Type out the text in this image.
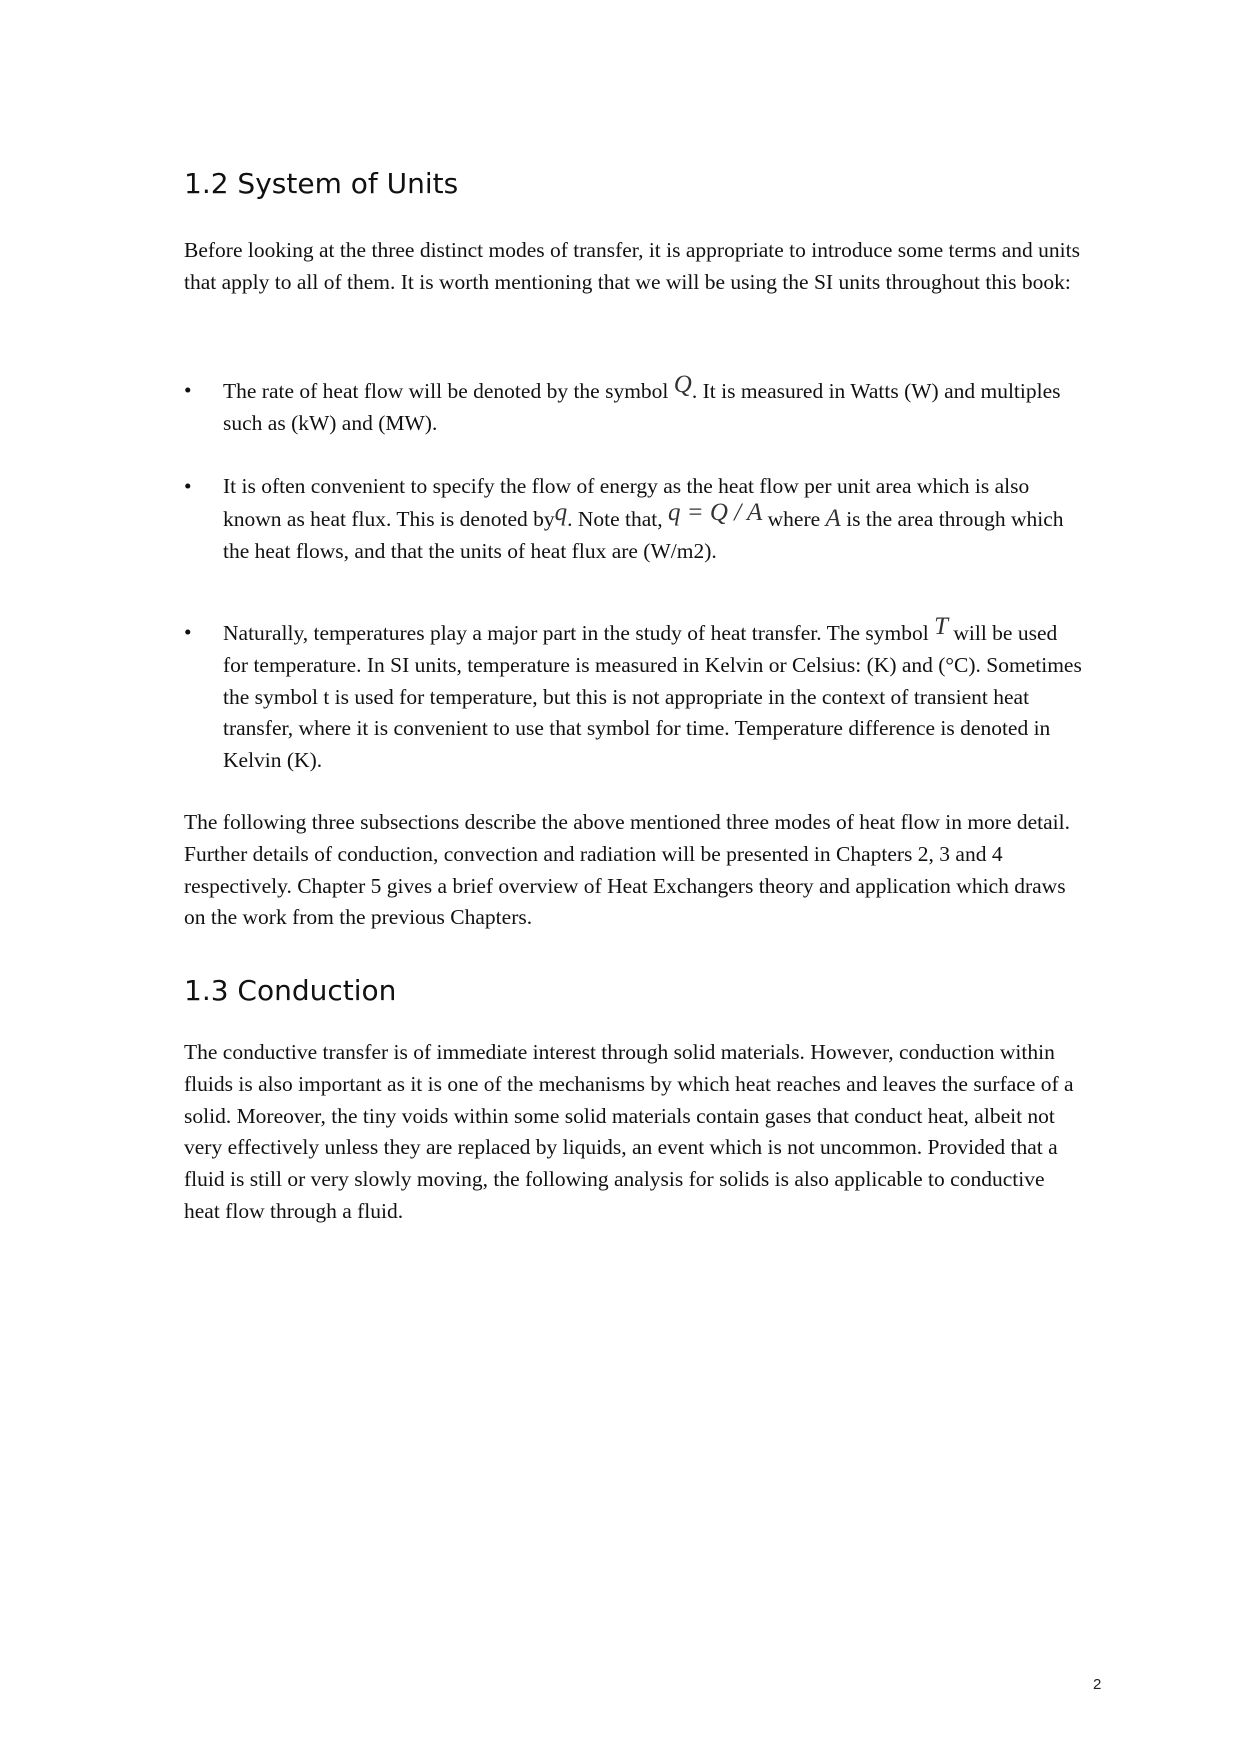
1.2 System of Units

Before looking at the three distinct modes of transfer, it is appropriate to introduce some terms and units that apply to all of them. It is worth mentioning that we will be using the SI units throughout this book:

• The rate of heat flow will be denoted by the symbol Q. It is measured in Watts (W) and multiples such as (kW) and (MW).
• It is often convenient to specify the flow of energy as the heat flow per unit area which is also known as heat flux. This is denoted byq. Note that, q = Q / A where A is the area through which the heat flows, and that the units of heat flux are (W/m2).
• Naturally, temperatures play a major part in the study of heat transfer. The symbol T will be used for temperature. In SI units, temperature is measured in Kelvin or Celsius: (K) and (°C). Sometimes the symbol t is used for temperature, but this is not appropriate in the context of transient heat transfer, where it is convenient to use that symbol for time. Temperature difference is denoted in Kelvin (K).

The following three subsections describe the above mentioned three modes of heat flow in more detail. Further details of conduction, convection and radiation will be presented in Chapters 2, 3 and 4 respectively. Chapter 5 gives a brief overview of Heat Exchangers theory and application which draws on the work from the previous Chapters.

1.3 Conduction

The conductive transfer is of immediate interest through solid materials. However, conduction within fluids is also important as it is one of the mechanisms by which heat reaches and leaves the surface of a solid. Moreover, the tiny voids within some solid materials contain gases that conduct heat, albeit not very effectively unless they are replaced by liquids, an event which is not uncommon. Provided that a fluid is still or very slowly moving, the following analysis for solids is also applicable to conductive heat flow through a fluid.

2
